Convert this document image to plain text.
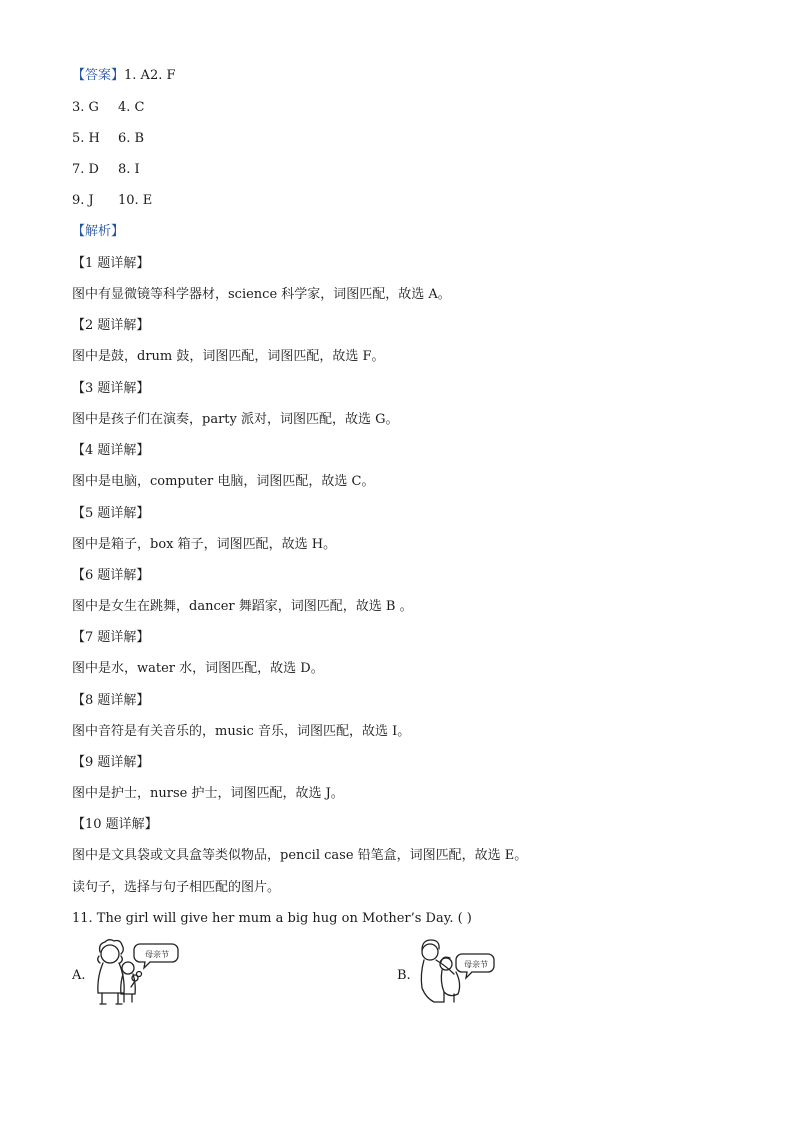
【答案】1. A2. F
3. G 4. C
5. H 6. B
7. D 8. I
9. J 10. E
【解析】
【1 题详解】
图中有显微镜等科学器材，science 科学家，词图匹配，故选 A。
【2 题详解】
图中是鼓，drum 鼓，词图匹配，词图匹配，故选 F。
【3 题详解】
图中是孩子们在演奏，party 派对，词图匹配，故选 G。
【4 题详解】
图中是电脑，computer 电脑，词图匹配，故选 C。
【5 题详解】
图中是箱子，box 箱子，词图匹配，故选 H。
【6 题详解】
图中是女生在跳舞，dancer 舞蹈家，词图匹配，故选 B 。
【7 题详解】
图中是水，water 水，词图匹配，故选 D。
【8 题详解】
图中音符是有关音乐的，music 音乐，词图匹配，故选 I。
【9 题详解】
图中是护士，nurse 护士，词图匹配，故选 J。
【10 题详解】
图中是文具袋或文具盒等类似物品，pencil case 铅笔盒，词图匹配，故选 E。
读句子，选择与句子相匹配的图片。
11. The girl will give her mum a big hug on Mother’s Day. ( )
A.
母亲节
B.
母亲节
